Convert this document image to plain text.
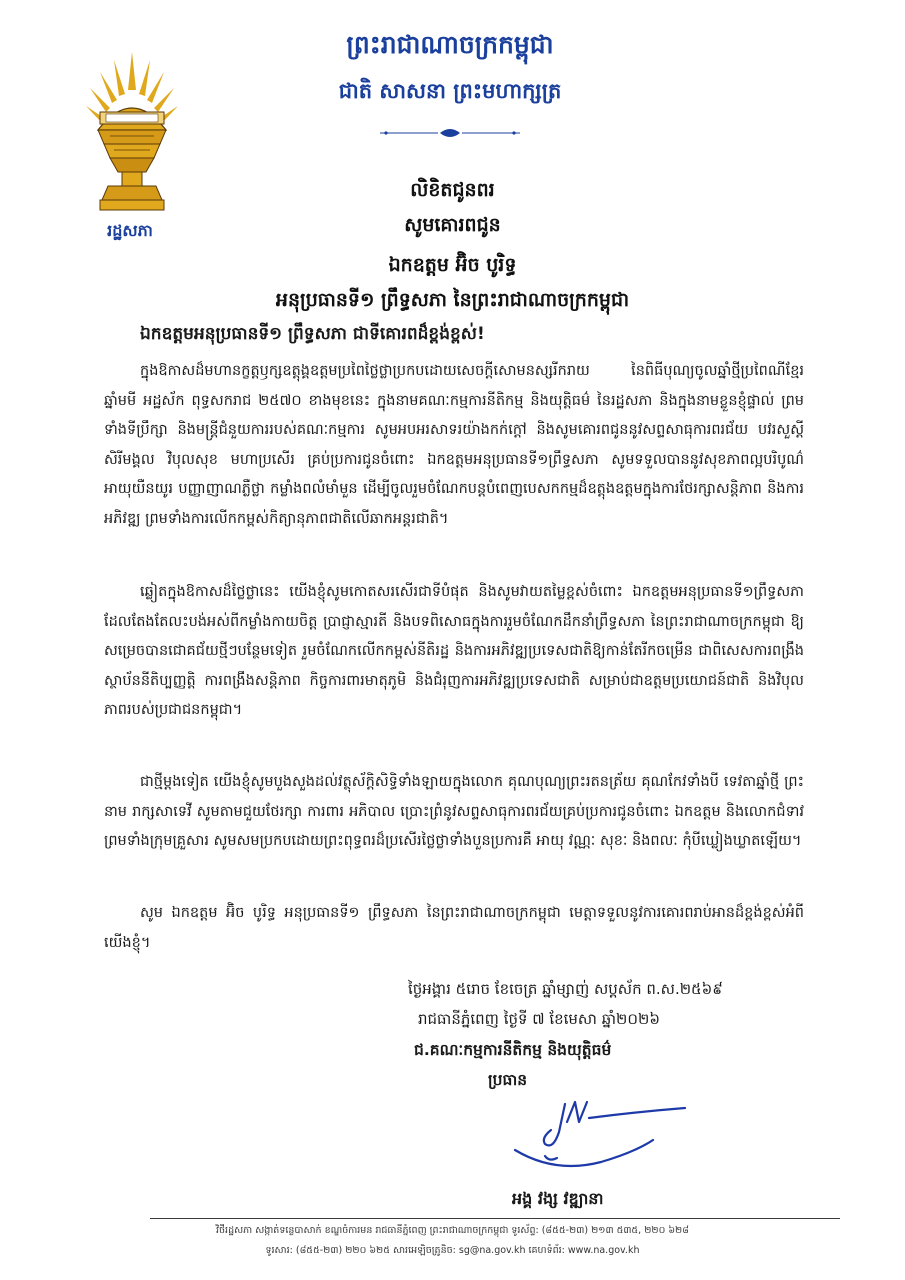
រដ្ឋសភា
ព្រះរាជាណាចក្រកម្ពុជា
ជាតិ សាសនា ព្រះមហាក្សត្រ
លិខិតជូនពរ
សូមគោរពជូន
ឯកឧត្តម អ៊ិច បូរិទ្ធ
អនុប្រធានទី១ ព្រឹទ្ធសភា នៃព្រះរាជាណាចក្រកម្ពុជា
ឯកឧត្តមអនុប្រធានទី១ ព្រឹទ្ធសភា ជាទីគោរពដ៏ខ្ពង់ខ្ពស់!
ក្នុងឱកាសដ៏មហានក្ខត្តឫក្សឧត្តុង្គឧត្តមប្រពៃថ្លៃថ្លាប្រកបដោយសេចក្តីសោមនស្សរីករាយ នៃពិធីបុណ្យចូលឆ្នាំថ្មីប្រពៃណីខ្មែរ ឆ្នាំមមី អដ្ឋស័ក ពុទ្ធសករាជ ២៥៧០ ខាងមុខនេះ ក្នុងនាមគណៈកម្មការនីតិកម្ម និងយុត្តិធម៌ នៃរដ្ឋសភា និងក្នុងនាមខ្លួនខ្ញុំផ្ទាល់ ព្រមទាំងទីប្រឹក្សា និងមន្ត្រីជំនួយការរបស់គណៈកម្មការ សូមអបអរសាទរយ៉ាងកក់ក្តៅ និងសូមគោរពជូននូវសព្ទសាធុការពរជ័យ បវរសួស្តី សិរីមង្គល វិបុលសុខ មហាប្រសើរ គ្រប់ប្រការជូនចំពោះ ឯកឧត្តមអនុប្រធានទី១ព្រឹទ្ធសភា សូមទទួលបាននូវសុខភាពល្អបរិបូណ៌ អាយុយឺនយូរ បញ្ញាញាណភ្លឺថ្លា កម្លាំងពលំមាំមួន ដើម្បីចូលរួមចំណែកបន្តបំពេញបេសកកម្មដ៏ឧត្តុងឧត្តមក្នុងការថែរក្សាសន្តិភាព និងការអភិវឌ្ឍ ព្រមទាំងការលើកកម្ពស់កិត្យានុភាពជាតិលើឆាកអន្តរជាតិ។
ឆ្លៀតក្នុងឱកាសដ៏ថ្លៃថ្លានេះ យើងខ្ញុំសូមកោតសរសើរជាទីបំផុត និងសូមវាយតម្លៃខ្ពស់ចំពោះ ឯកឧត្តមអនុប្រធានទី១ព្រឹទ្ធសភា ដែលតែងតែលះបង់អស់ពីកម្លាំងកាយចិត្ត ប្រាជ្ញាស្មារតី និងបទពិសោធក្នុងការរួមចំណែកដឹកនាំព្រឹទ្ធសភា នៃព្រះរាជាណាចក្រកម្ពុជា ឱ្យសម្រេចបានជោគជ័យថ្មីៗបន្ថែមទៀត រួមចំណែកលើកកម្ពស់នីតិរដ្ឋ និងការអភិវឌ្ឍប្រទេសជាតិឱ្យកាន់តែរីកចម្រើន ជាពិសេសការពង្រឹងស្ថាប័ននីតិប្បញ្ញត្តិ ការពង្រឹងសន្តិភាព កិច្ចការពារមាតុភូមិ និងជំរុញការអភិវឌ្ឍប្រទេសជាតិ សម្រាប់ជាឧត្តមប្រយោជន៍ជាតិ និងវិបុលភាពរបស់ប្រជាជនកម្ពុជា។
ជាថ្មីម្តងទៀត យើងខ្ញុំសូមបួងសួងដល់វត្ថុស័ក្តិសិទ្ធិទាំងឡាយក្នុងលោក គុណបុណ្យព្រះរតនត្រ័យ គុណកែវទាំងបី ទេវតាឆ្នាំថ្មី ព្រះនាម រាក្សសាទេវី សូមតាមជួយថែរក្សា ការពារ អភិបាល ប្រោះព្រំនូវសព្ទសាធុការពរជ័យគ្រប់ប្រការជូនចំពោះ ឯកឧត្តម និងលោកជំទាវ ព្រមទាំងក្រុមគ្រួសារ សូមសមប្រកបដោយព្រះពុទ្ធពរដ៏ប្រសើរថ្លៃថ្លាទាំងបួនប្រការគឺ អាយុ វណ្ណៈ សុខៈ និងពលៈ កុំបីឃ្លៀងឃ្លាតឡើយ។
សូម ឯកឧត្តម អ៊ិច បូរិទ្ធ អនុប្រធានទី១ ព្រឹទ្ធសភា នៃព្រះរាជាណាចក្រកម្ពុជា មេត្តាទទួលនូវការគោរពរាប់អានដ៏ខ្ពង់ខ្ពស់អំពីយើងខ្ញុំ។
ថ្ងៃអង្គារ ៥រោច ខែចេត្រ ឆ្នាំម្សាញ់ សប្តស័ក ព.ស.២៥៦៩
រាជធានីភ្នំពេញ ថ្ងៃទី ៧ ខែមេសា ឆ្នាំ២០២៦
ជ.គណៈកម្មការនីតិកម្ម និងយុត្តិធម៌
ប្រធាន
អង្គ វង្ស វឌ្ឍានា
វិថីរដ្ឋសភា សង្កាត់ទន្លេបាសាក់ ខណ្ឌចំការមន រាជធានីភ្នំពេញ ព្រះរាជាណាចក្រកម្ពុជា ទូរស័ព្ទ: (៨៥៥-២៣) ២១៣ ៥៣៥, ២២០ ៦២៨
ទូរសារ: (៨៥៥-២៣) ២២០ ៦២៥ សារអេឡិចត្រូនិច: sg@na.gov.kh គេហទំព័រ: www.na.gov.kh
